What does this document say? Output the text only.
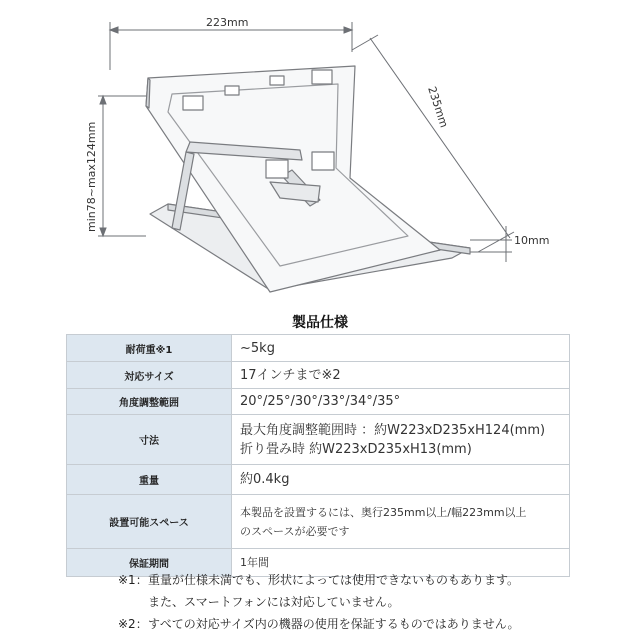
223mm
235mm
min78~max124mm
10mm
製品仕様
耐荷重※1	~5kg
対応サイズ	17インチまで※2
角度調整範囲	20°/25°/30°/33°/34°/35°
寸法	最大角度調整範囲時 ：約W223xD235xH124(mm)
折り畳み時 約W223xD235xH13(mm)

重量	約0.4kg
設置可能スペース	本製品を設置するには、奥行235mm以上/幅223mm以上
のスペースが必要です

保証期間	1年間
※1： 重量が仕様未満でも、形状によっては使用できないものもあります。
また、スマートフォンには対応していません。
※2： すべての対応サイズ内の機器の使用を保証するものではありません。
